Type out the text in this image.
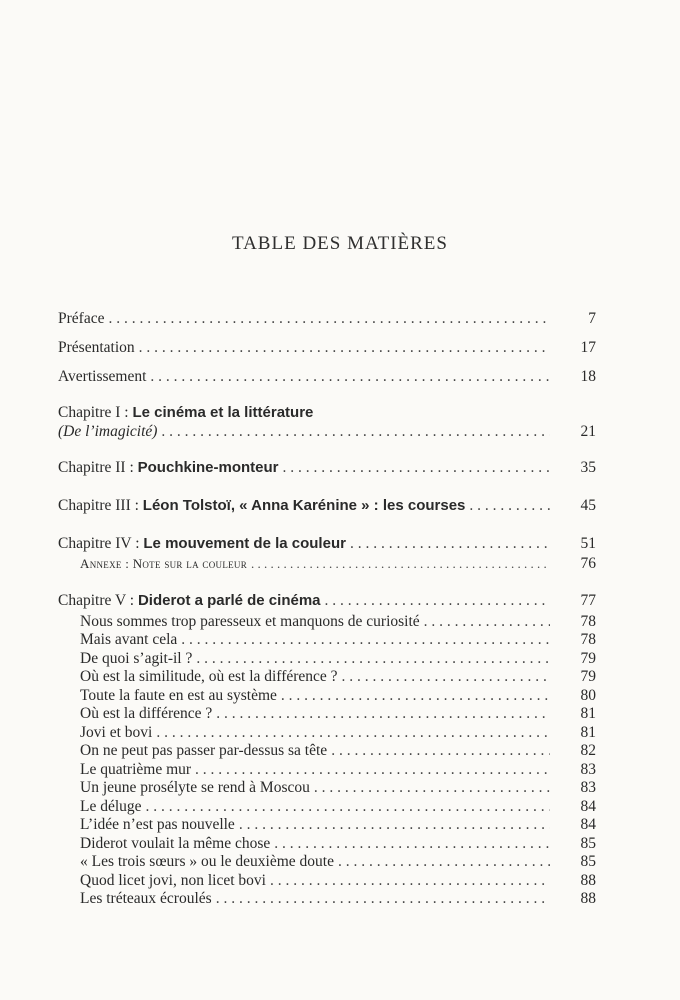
TABLE DES MATIÈRES
Préface . . .	7
Présentation . . .	17
Avertissement . . .	18
Chapitre I : Le cinéma et la littérature
(De l’imagicité) . . .	21
Chapitre II : Pouchkine-monteur . . .	35
Chapitre III : Léon Tolstoï, « Anna Karénine » : les courses . . .	45
Chapitre IV : Le mouvement de la couleur . . .	51
Annexe : Note sur la couleur . . .	76
Chapitre V : Diderot a parlé de cinéma . . .	77
Nous sommes trop paresseux et manquons de curiosité . . .	78
Mais avant cela . . .	78
De quoi s’agit-il ? . . .	79
Où est la similitude, où est la différence ? . . .	79
Toute la faute en est au système . . .	80
Où est la différence ? . . .	81
Jovi et bovi . . .	81
On ne peut pas passer par-dessus sa tête . . .	82
Le quatrième mur . . .	83
Un jeune prosélyte se rend à Moscou . . .	83
Le déluge . . .	84
L’idée n’est pas nouvelle . . .	84
Diderot voulait la même chose . . .	85
« Les trois sœurs » ou le deuxième doute . . .	85
Quod licet jovi, non licet bovi . . .	88
Les tréteaux écroulés . . .	88
